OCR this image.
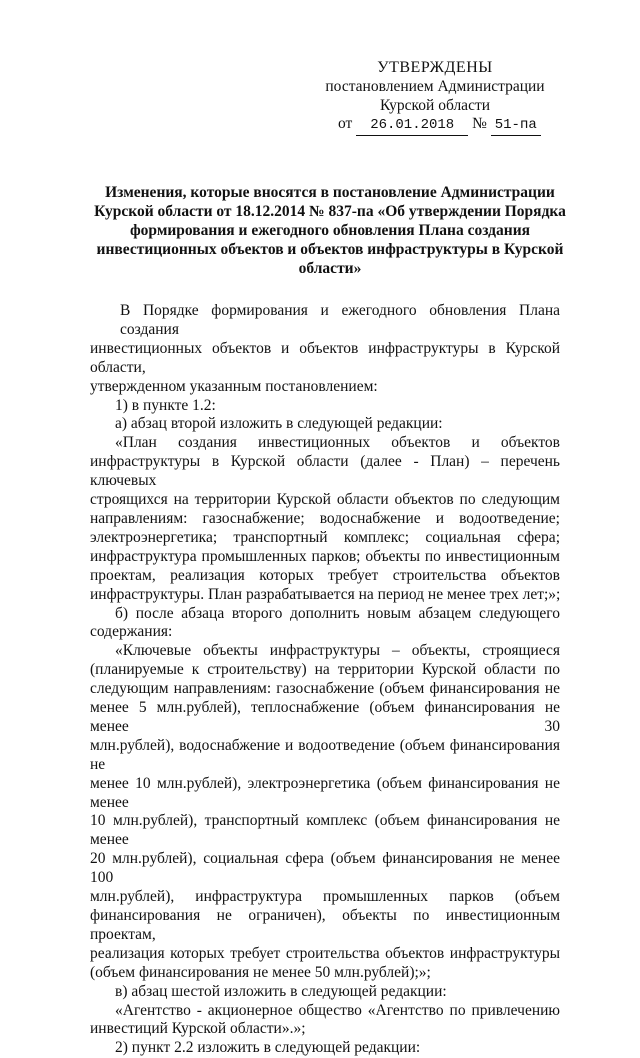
УТВЕРЖДЕНЫ
постановлением Администрации
Курской области
от 26.01.2018 № 51-па
Изменения, которые вносятся в постановление Администрации
Курской области от 18.12.2014 № 837-па «Об утверждении Порядка
формирования и ежегодного обновления Плана создания
инвестиционных объектов и объектов инфраструктуры в Курской
области»
В Порядке формирования и ежегодного обновления Плана создания
инвестиционных объектов и объектов инфраструктуры в Курской области,
утвержденном указанным постановлением:
1) в пункте 1.2:
а) абзац второй изложить в следующей редакции:
«План создания инвестиционных объектов и объектов
инфраструктуры в Курской области (далее - План) – перечень ключевых
строящихся на территории Курской области объектов по следующим
направлениям: газоснабжение; водоснабжение и водоотведение;
электроэнергетика; транспортный комплекс; социальная сфера;
инфраструктура промышленных парков; объекты по инвестиционным
проектам, реализация которых требует строительства объектов
инфраструктуры. План разрабатывается на период не менее трех лет;»;
б) после абзаца второго дополнить новым абзацем следующего
содержания:
«Ключевые объекты инфраструктуры – объекты, строящиеся
(планируемые к строительству) на территории Курской области по
следующим направлениям: газоснабжение (объем финансирования не
менее 5 млн.рублей), теплоснабжение (объем финансирования не менее 30
млн.рублей), водоснабжение и водоотведение (объем финансирования не
менее 10 млн.рублей), электроэнергетика (объем финансирования не менее
10 млн.рублей), транспортный комплекс (объем финансирования не менее
20 млн.рублей), социальная сфера (объем финансирования не менее 100
млн.рублей), инфраструктура промышленных парков (объем
финансирования не ограничен), объекты по инвестиционным проектам,
реализация которых требует строительства объектов инфраструктуры
(объем финансирования не менее 50 млн.рублей);»;
в) абзац шестой изложить в следующей редакции:
«Агентство - акционерное общество «Агентство по привлечению
инвестиций Курской области».»;
2) пункт 2.2 изложить в следующей редакции:
